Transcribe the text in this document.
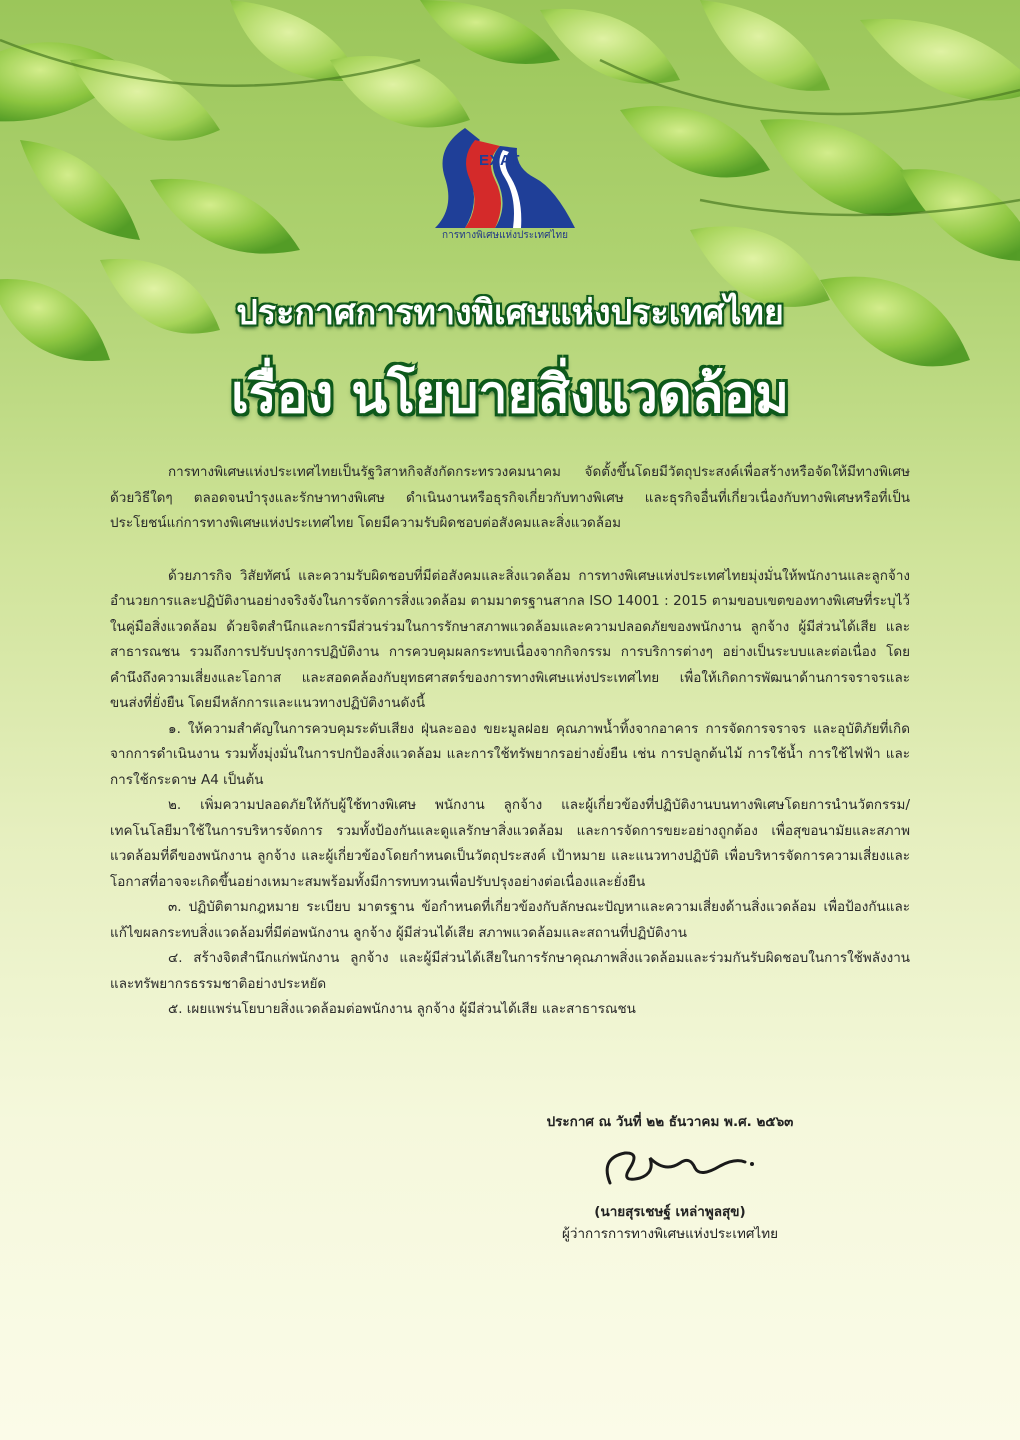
EXAT
การทางพิเศษแห่งประเทศไทย
ประกาศการทางพิเศษแห่งประเทศไทย
เรื่อง นโยบายสิ่งแวดล้อม

การทางพิเศษแห่งประเทศไทยเป็นรัฐวิสาหกิจสังกัดกระทรวงคมนาคม จัดตั้งขึ้นโดยมีวัตถุประสงค์เพื่อสร้างหรือจัดให้มีทางพิเศษด้วยวิธีใดๆ ตลอดจนบำรุงและรักษาทางพิเศษ ดำเนินงานหรือธุรกิจเกี่ยวกับทางพิเศษ และธุรกิจอื่นที่เกี่ยวเนื่องกับทางพิเศษหรือที่เป็นประโยชน์แก่การทางพิเศษแห่งประเทศไทย โดยมีความรับผิดชอบต่อสังคมและสิ่งแวดล้อม

ด้วยภารกิจ วิสัยทัศน์ และความรับผิดชอบที่มีต่อสังคมและสิ่งแวดล้อม การทางพิเศษแห่งประเทศไทยมุ่งมั่นให้พนักงานและลูกจ้าง อำนวยการและปฏิบัติงานอย่างจริงจังในการจัดการสิ่งแวดล้อม ตามมาตรฐานสากล ISO 14001 : 2015 ตามขอบเขตของทางพิเศษที่ระบุไว้ในคู่มือสิ่งแวดล้อม ด้วยจิตสำนึกและการมีส่วนร่วมในการรักษาสภาพแวดล้อมและความปลอดภัยของพนักงาน ลูกจ้าง ผู้มีส่วนได้เสีย และสาธารณชน รวมถึงการปรับปรุงการปฏิบัติงาน การควบคุมผลกระทบเนื่องจากกิจกรรม การบริการต่างๆ อย่างเป็นระบบและต่อเนื่อง โดยคำนึงถึงความเสี่ยงและโอกาส และสอดคล้องกับยุทธศาสตร์ของการทางพิเศษแห่งประเทศไทย เพื่อให้เกิดการพัฒนาด้านการจราจรและขนส่งที่ยั่งยืน โดยมีหลักการและแนวทางปฏิบัติงานดังนี้

๑. ให้ความสำคัญในการควบคุมระดับเสียง ฝุ่นละออง ขยะมูลฝอย คุณภาพน้ำทิ้งจากอาคาร การจัดการจราจร และอุบัติภัยที่เกิดจากการดำเนินงาน รวมทั้งมุ่งมั่นในการปกป้องสิ่งแวดล้อม และการใช้ทรัพยากรอย่างยั่งยืน เช่น การปลูกต้นไม้ การใช้น้ำ การใช้ไฟฟ้า และการใช้กระดาษ A4 เป็นต้น

๒. เพิ่มความปลอดภัยให้กับผู้ใช้ทางพิเศษ พนักงาน ลูกจ้าง และผู้เกี่ยวข้องที่ปฏิบัติงานบนทางพิเศษโดยการนำนวัตกรรม/เทคโนโลยีมาใช้ในการบริหารจัดการ รวมทั้งป้องกันและดูแลรักษาสิ่งแวดล้อม และการจัดการขยะอย่างถูกต้อง เพื่อสุขอนามัยและสภาพแวดล้อมที่ดีของพนักงาน ลูกจ้าง และผู้เกี่ยวข้องโดยกำหนดเป็นวัตถุประสงค์ เป้าหมาย และแนวทางปฏิบัติ เพื่อบริหารจัดการความเสี่ยงและโอกาสที่อาจจะเกิดขึ้นอย่างเหมาะสมพร้อมทั้งมีการทบทวนเพื่อปรับปรุงอย่างต่อเนื่องและยั่งยืน

๓. ปฏิบัติตามกฎหมาย ระเบียบ มาตรฐาน ข้อกำหนดที่เกี่ยวข้องกับลักษณะปัญหาและความเสี่ยงด้านสิ่งแวดล้อม เพื่อป้องกันและแก้ไขผลกระทบสิ่งแวดล้อมที่มีต่อพนักงาน ลูกจ้าง ผู้มีส่วนได้เสีย สภาพแวดล้อมและสถานที่ปฏิบัติงาน

๔. สร้างจิตสำนึกแก่พนักงาน ลูกจ้าง และผู้มีส่วนได้เสียในการรักษาคุณภาพสิ่งแวดล้อมและร่วมกันรับผิดชอบในการใช้พลังงานและทรัพยากรธรรมชาติอย่างประหยัด

๕. เผยแพร่นโยบายสิ่งแวดล้อมต่อพนักงาน ลูกจ้าง ผู้มีส่วนได้เสีย และสาธารณชน

ประกาศ ณ วันที่ ๒๒ ธันวาคม พ.ศ. ๒๕๖๓
(นายสุรเชษฐ์ เหล่าพูลสุข)
ผู้ว่าการการทางพิเศษแห่งประเทศไทย
